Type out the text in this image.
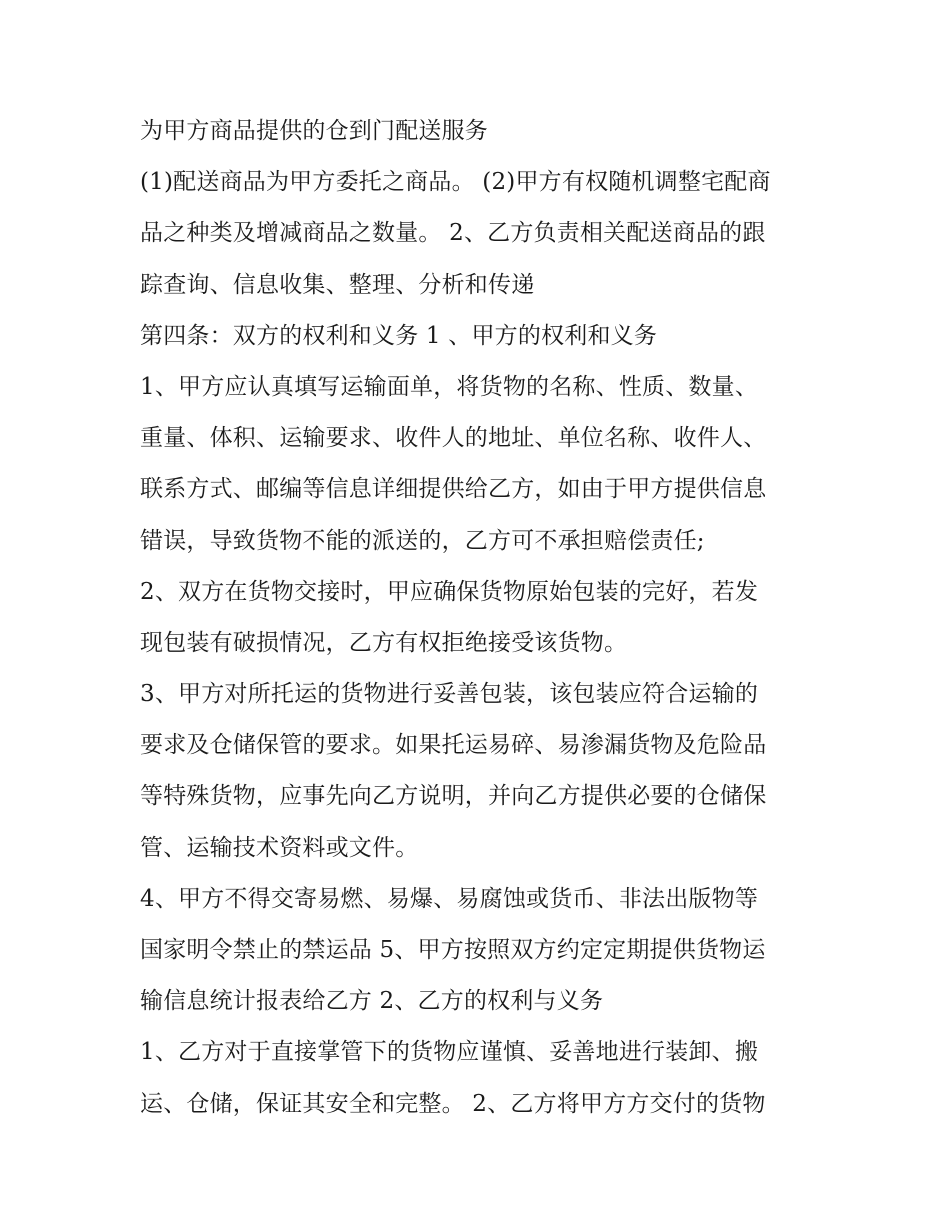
为甲方商品提供的仓到门配送服务

(1)配送商品为甲方委托之商品。 (2)甲方有权随机调整宅配商
品之种类及增减商品之数量。 2、乙方负责相关配送商品的跟
踪查询、信息收集、整理、分析和传递

第四条：双方的权利和义务 1 、甲方的权利和义务

1、甲方应认真填写运输面单，将货物的名称、性质、数量、
重量、体积、运输要求、收件人的地址、单位名称、收件人、
联系方式、邮编等信息详细提供给乙方，如由于甲方提供信息
错误，导致货物不能的派送的，乙方可不承担赔偿责任;

2、双方在货物交接时，甲应确保货物原始包装的完好，若发
现包装有破损情况，乙方有权拒绝接受该货物。

3、甲方对所托运的货物进行妥善包装，该包装应符合运输的
要求及仓储保管的要求。如果托运易碎、易渗漏货物及危险品
等特殊货物，应事先向乙方说明，并向乙方提供必要的仓储保
管、运输技术资料或文件。

4、甲方不得交寄易燃、易爆、易腐蚀或货币、非法出版物等
国家明令禁止的禁运品 5、甲方按照双方约定定期提供货物运
输信息统计报表给乙方 2、乙方的权利与义务

1、乙方对于直接掌管下的货物应谨慎、妥善地进行装卸、搬
运、仓储，保证其安全和完整。 2、乙方将甲方方交付的货物
